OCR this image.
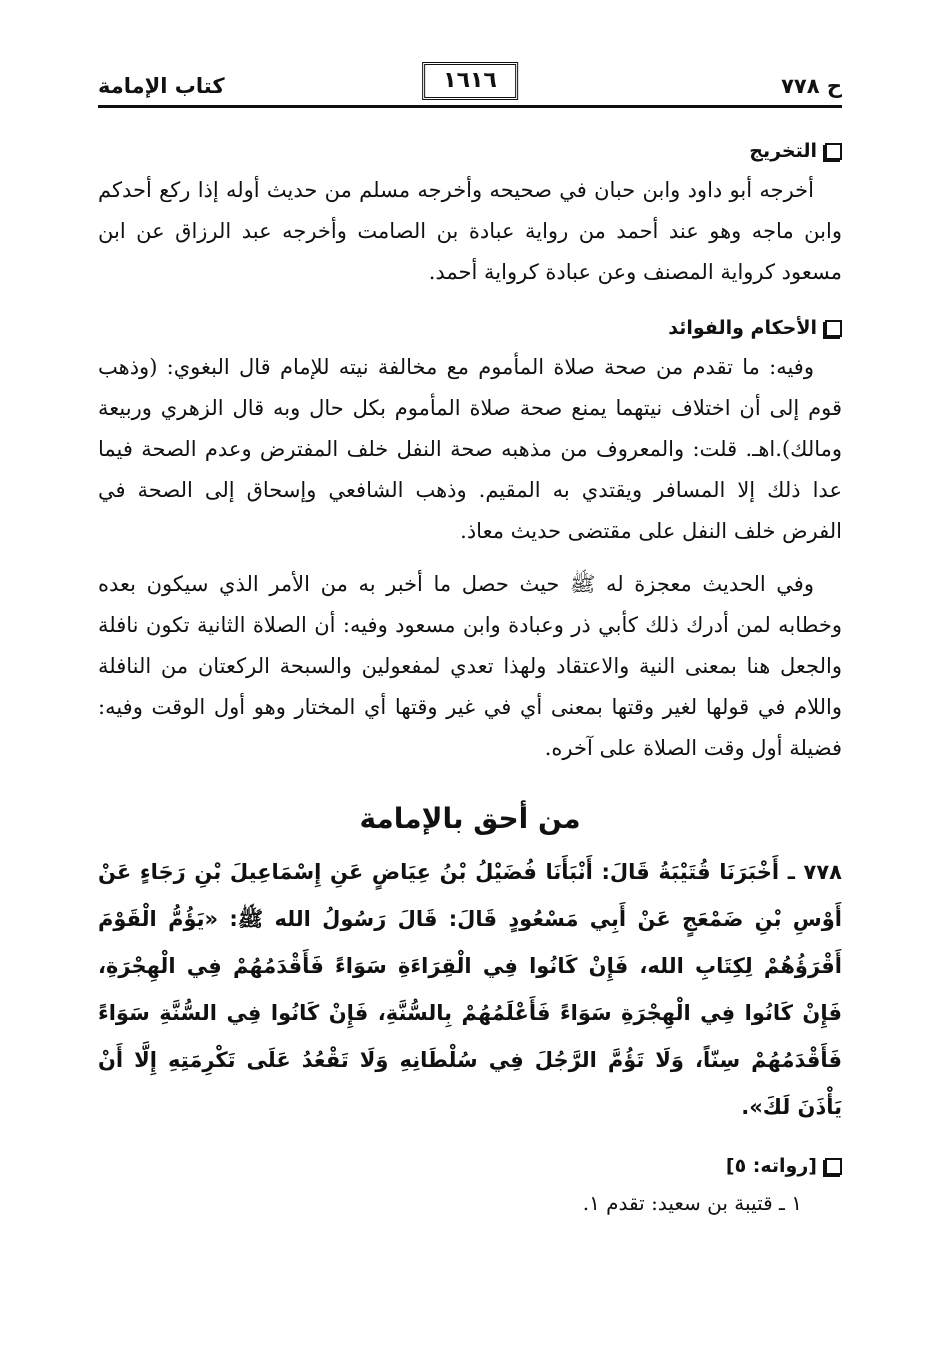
ح ٧٧٨
١٦١٦
كتاب الإمامة
التخريج

أخرجه أبو داود وابن حبان في صحيحه وأخرجه مسلم من حديث أوله إذا ركع أحدكم وابن ماجه وهو عند أحمد من رواية عبادة بن الصامت وأخرجه عبد الرزاق عن ابن مسعود كرواية المصنف وعن عبادة كرواية أحمد.

الأحكام والفوائد

وفيه: ما تقدم من صحة صلاة المأموم مع مخالفة نيته للإمام قال البغوي: (وذهب قوم إلى أن اختلاف نيتهما يمنع صحة صلاة المأموم بكل حال وبه قال الزهري وربيعة ومالك).اهـ. قلت: والمعروف من مذهبه صحة النفل خلف المفترض وعدم الصحة فيما عدا ذلك إلا المسافر ويقتدي به المقيم. وذهب الشافعي وإسحاق إلى الصحة في الفرض خلف النفل على مقتضى حديث معاذ.

وفي الحديث معجزة له ﷺ حيث حصل ما أخبر به من الأمر الذي سيكون بعده وخطابه لمن أدرك ذلك كأبي ذر وعبادة وابن مسعود وفيه: أن الصلاة الثانية تكون نافلة والجعل هنا بمعنى النية والاعتقاد ولهذا تعدي لمفعولين والسبحة الركعتان من النافلة واللام في قولها لغير وقتها بمعنى أي في غير وقتها أي المختار وهو أول الوقت وفيه: فضيلة أول وقت الصلاة على آخره.

من أحق بالإمامة

٧٧٨ ـ أَخْبَرَنَا قُتَيْبَةُ قَالَ: أَنْبَأَنَا فُضَيْلُ بْنُ عِيَاضٍ عَنِ إِسْمَاعِيلَ بْنِ رَجَاءٍ عَنْ أَوْسِ بْنِ ضَمْعَجٍ عَنْ أَبِي مَسْعُودٍ قَالَ: قَالَ رَسُولُ الله ﷺ: «يَؤُمُّ الْقَوْمَ أَقْرَؤُهُمْ لِكِتَابِ الله، فَإِنْ كَانُوا فِي الْقِرَاءَةِ سَوَاءً فَأَقْدَمُهُمْ فِي الْهِجْرَةِ، فَإِنْ كَانُوا فِي الْهِجْرَةِ سَوَاءً فَأَعْلَمُهُمْ بِالسُّنَّةِ، فَإِنْ كَانُوا فِي السُّنَّةِ سَوَاءً فَأَقْدَمُهُمْ سِنّاً، وَلَا تَؤُمَّ الرَّجُلَ فِي سُلْطَانِهِ وَلَا تَقْعُدُ عَلَى تَكْرِمَتِهِ إِلَّا أَنْ يَأْذَنَ لَكَ».

[رواته: ٥]

١ ـ قتيبة بن سعيد: تقدم ١.
